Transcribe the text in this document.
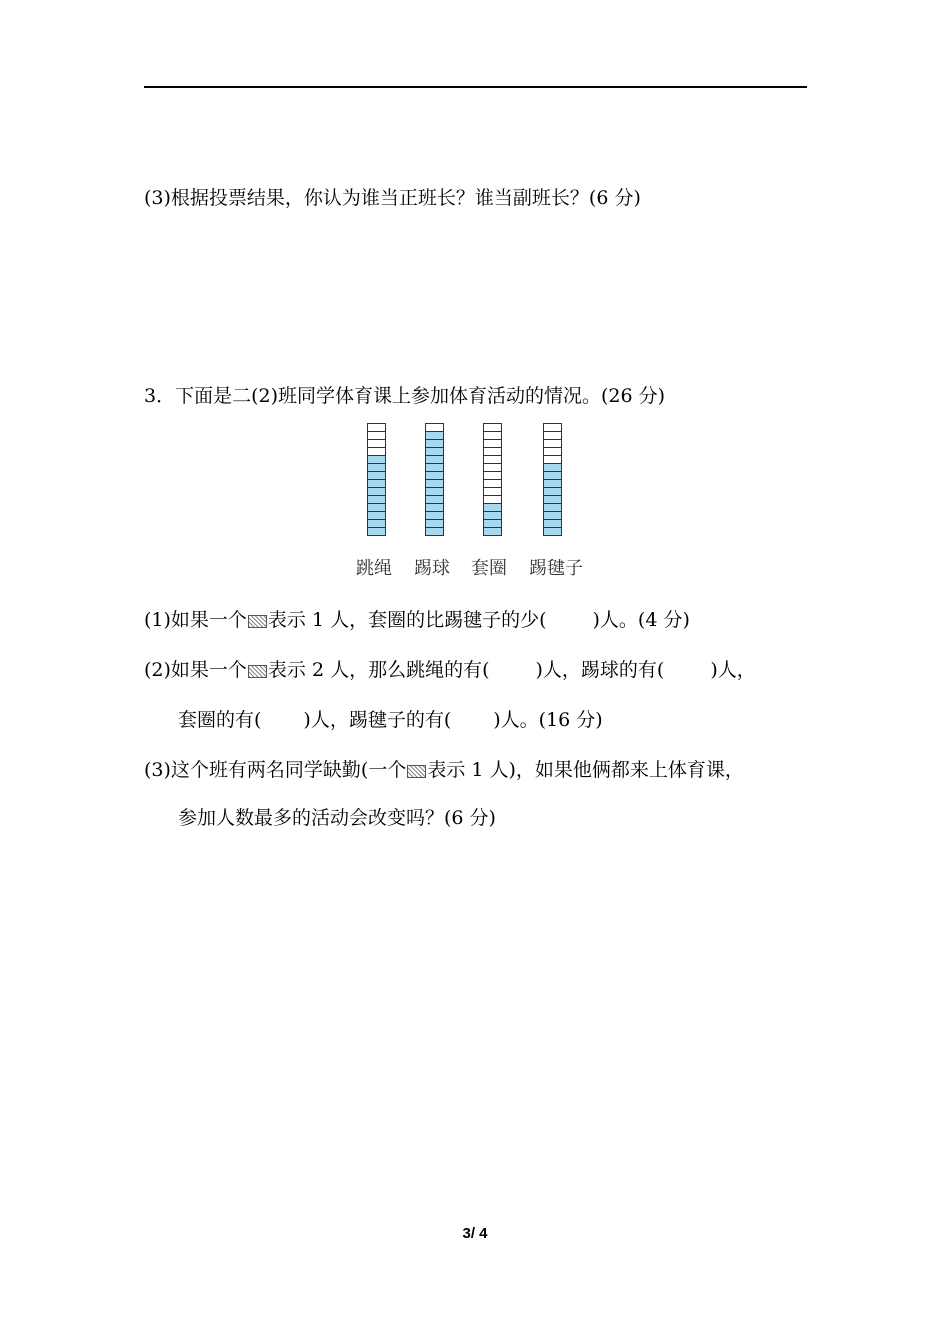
(3)根据投票结果，你认为谁当正班长？谁当副班长？(6 分)
3．下面是二(2)班同学体育课上参加体育活动的情况。(26 分)
跳绳 踢球 套圈 踢毽子
(1)如果一个 表示 1 人，套圈的比踢毽子的少( )人。(4 分)
(2)如果一个 表示 2 人，那么跳绳的有( )人，踢球的有( )人，
套圈的有( )人，踢毽子的有( )人。(16 分)
(3)这个班有两名同学缺勤(一个 表示 1 人)，如果他俩都来上体育课，
参加人数最多的活动会改变吗？(6 分)
3/ 4
